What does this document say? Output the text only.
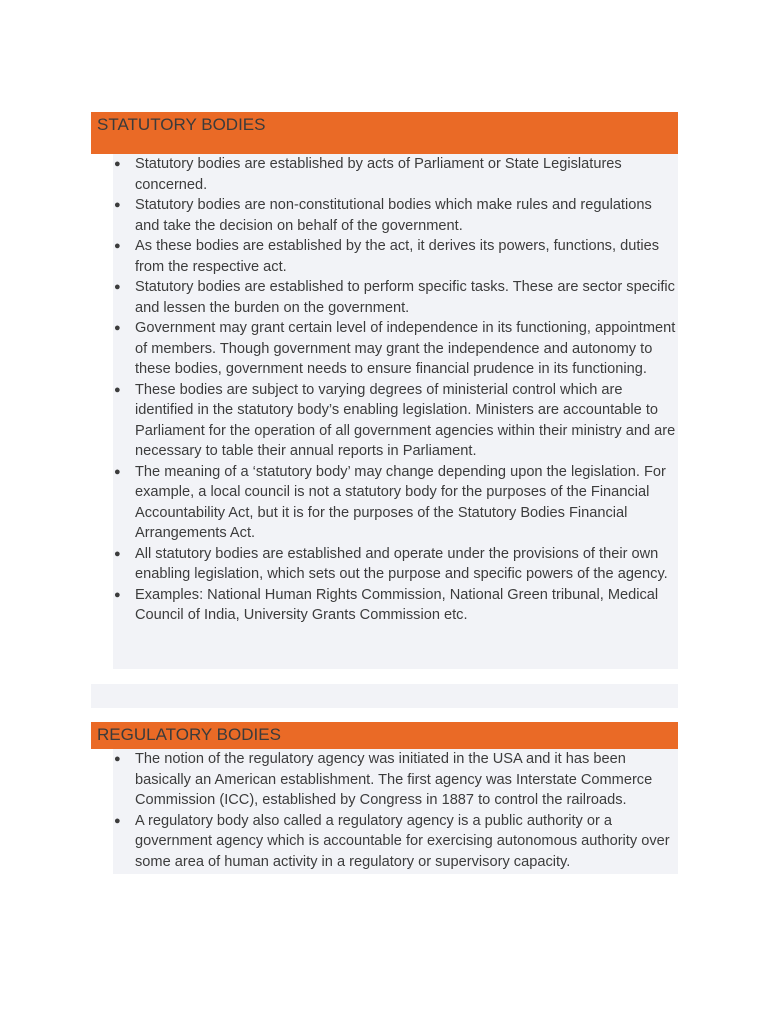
STATUTORY BODIES
● Statutory bodies are established by acts of Parliament or State Legislatures concerned.
● Statutory bodies are non-constitutional bodies which make rules and regulations and take the decision on behalf of the government.
● As these bodies are established by the act, it derives its powers, functions, duties from the respective act.
● Statutory bodies are established to perform specific tasks. These are sector specific and lessen the burden on the government.
● Government may grant certain level of independence in its functioning, appointment of members. Though government may grant the independence and autonomy to these bodies, government needs to ensure financial prudence in its functioning.
● These bodies are subject to varying degrees of ministerial control which are identified in the statutory body’s enabling legislation. Ministers are accountable to Parliament for the operation of all government agencies within their ministry and are necessary to table their annual reports in Parliament.
● The meaning of a ‘statutory body’ may change depending upon the legislation. For example, a local council is not a statutory body for the purposes of the Financial Accountability Act, but it is for the purposes of the Statutory Bodies Financial Arrangements Act.
● All statutory bodies are established and operate under the provisions of their own enabling legislation, which sets out the purpose and specific powers of the agency.
● Examples: National Human Rights Commission, National Green tribunal, Medical Council of India, University Grants Commission etc.
REGULATORY BODIES
● The notion of the regulatory agency was initiated in the USA and it has been basically an American establishment. The first agency was Interstate Commerce Commission (ICC), established by Congress in 1887 to control the railroads.
● A regulatory body also called a regulatory agency is a public authority or a government agency which is accountable for exercising autonomous authority over some area of human activity in a regulatory or supervisory capacity.
